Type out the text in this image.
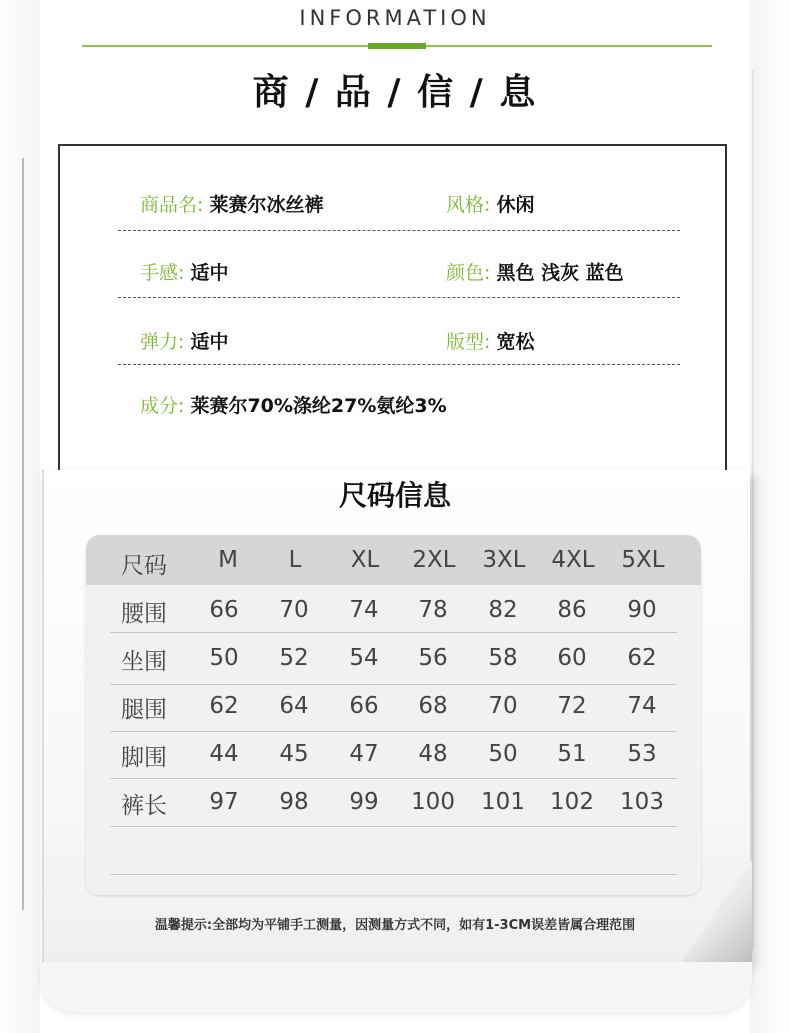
INFORMATION
商 / 品 / 信 / 息
商品名: 莱赛尔冰丝裤	风格: 休闲
手感: 适中	颜色: 黑色 浅灰 蓝色
弹力: 适中	版型: 宽松
成分: 莱赛尔70%涤纶27%氨纶3%
尺码信息
尺码	M	L	XL	2XL	3XL	4XL	5XL
腰围	66	70	74	78	82	86	90
坐围	50	52	54	56	58	60	62
腿围	62	64	66	68	70	72	74
脚围	44	45	47	48	50	51	53
裤长	97	98	99	100	101	102	103
温馨提示:全部均为平铺手工测量，因测量方式不同，如有1-3CM误差皆属合理范围
